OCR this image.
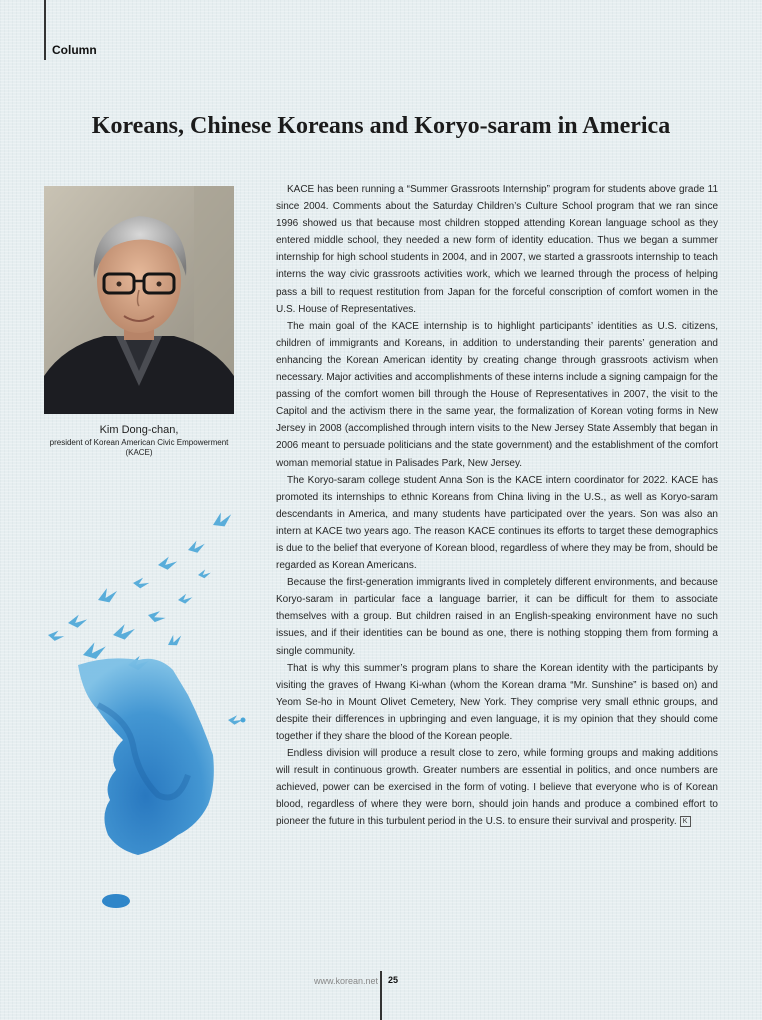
Column
Koreans, Chinese Koreans and Koryo-saram in America
Kim Dong-chan,
president of Korean American Civic Empowerment (KACE)

KACE has been running a “Summer Grassroots Internship” program for students above grade 11 since 2004. Comments about the Saturday Children’s Culture School program that we ran since 1996 showed us that because most children stopped attending Korean language school as they entered middle school, they needed a new form of identity education. Thus we began a summer internship for high school students in 2004, and in 2007, we started a grassroots internship to teach interns the way civic grassroots activities work, which we learned through the process of helping pass a bill to request restitution from Japan for the forceful conscription of comfort women in the U.S. House of Representatives.

The main goal of the KACE internship is to highlight participants’ identities as U.S. citizens, children of immigrants and Koreans, in addition to understanding their parents’ generation and enhancing the Korean American identity by creating change through grassroots activism when necessary. Major activities and accomplishments of these interns include a signing campaign for the passing of the comfort women bill through the House of Representatives in 2007, the visit to the Capitol and the activism there in the same year, the formalization of Korean voting forms in New Jersey in 2008 (accomplished through intern visits to the New Jersey State Assembly that began in 2006 meant to persuade politicians and the state government) and the establishment of the comfort woman memorial statue in Palisades Park, New Jersey.

The Koryo-saram college student Anna Son is the KACE intern coordinator for 2022. KACE has promoted its internships to ethnic Koreans from China living in the U.S., as well as Koryo-saram descendants in America, and many students have participated over the years. Son was also an intern at KACE two years ago. The reason KACE continues its efforts to target these demographics is due to the belief that everyone of Korean blood, regardless of where they may be from, should be regarded as Korean Americans.

Because the first-generation immigrants lived in completely different environments, and because Koryo-saram in particular face a language barrier, it can be difficult for them to associate themselves with a group. But children raised in an English-speaking environment have no such issues, and if their identities can be bound as one, there is nothing stopping them from forming a single community.

That is why this summer’s program plans to share the Korean identity with the participants by visiting the graves of Hwang Ki-whan (whom the Korean drama “Mr. Sunshine” is based on) and Yeom Se-ho in Mount Olivet Cemetery, New York. They comprise very small ethnic groups, and despite their differences in upbringing and even language, it is my opinion that they should come together if they share the blood of the Korean people.

Endless division will produce a result close to zero, while forming groups and making additions will result in continuous growth. Greater numbers are essential in politics, and once numbers are achieved, power can be exercised in the form of voting. I believe that everyone who is of Korean blood, regardless of where they were born, should join hands and produce a combined effort to pioneer the future in this turbulent period in the U.S. to ensure their survival and prosperity. K

www.korean.net 25
